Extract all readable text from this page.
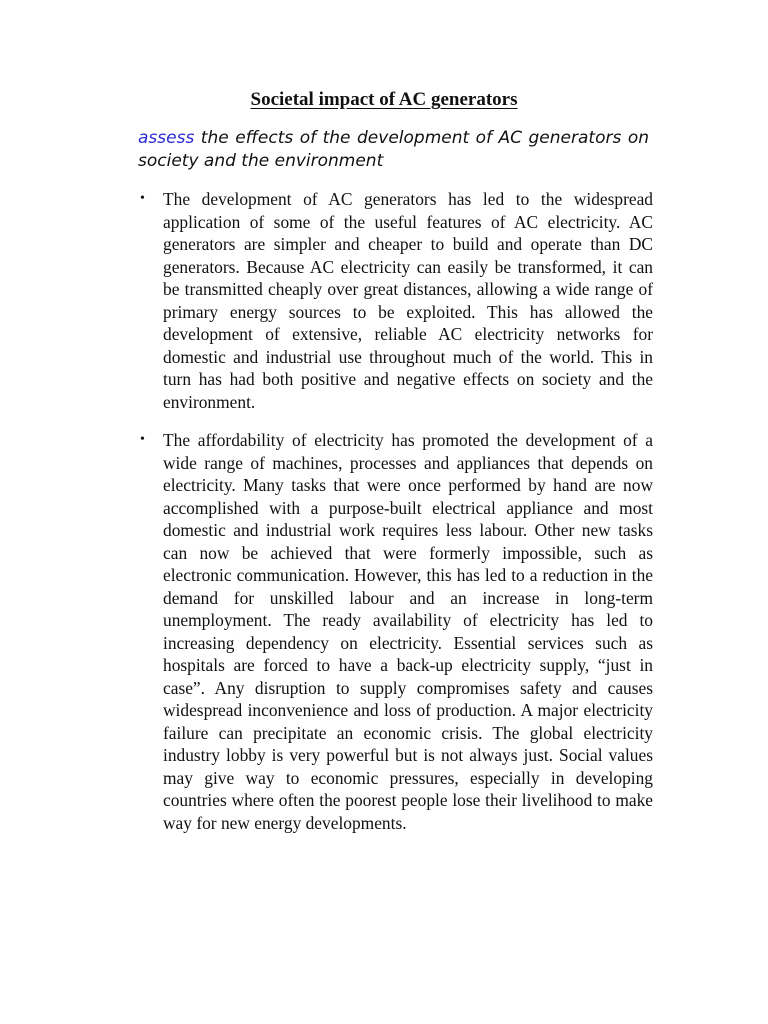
Societal impact of AC generators

assess the effects of the development of AC generators on society and the environment

• The development of AC generators has led to the widespread application of some of the useful features of AC electricity. AC generators are simpler and cheaper to build and operate than DC generators. Because AC electricity can easily be transformed, it can be transmitted cheaply over great distances, allowing a wide range of primary energy sources to be exploited. This has allowed the development of extensive, reliable AC electricity networks for domestic and industrial use throughout much of the world. This in turn has had both positive and negative effects on society and the environment.
• The affordability of electricity has promoted the development of a wide range of machines, processes and appliances that depends on electricity. Many tasks that were once performed by hand are now accomplished with a purpose-built electrical appliance and most domestic and industrial work requires less labour. Other new tasks can now be achieved that were formerly impossible, such as electronic communication. However, this has led to a reduction in the demand for unskilled labour and an increase in long-term unemployment. The ready availability of electricity has led to increasing dependency on electricity. Essential services such as hospitals are forced to have a back-up electricity supply, “just in case”. Any disruption to supply compromises safety and causes widespread inconvenience and loss of production. A major electricity failure can precipitate an economic crisis. The global electricity industry lobby is very powerful but is not always just. Social values may give way to economic pressures, especially in developing countries where often the poorest people lose their livelihood to make way for new energy developments.
